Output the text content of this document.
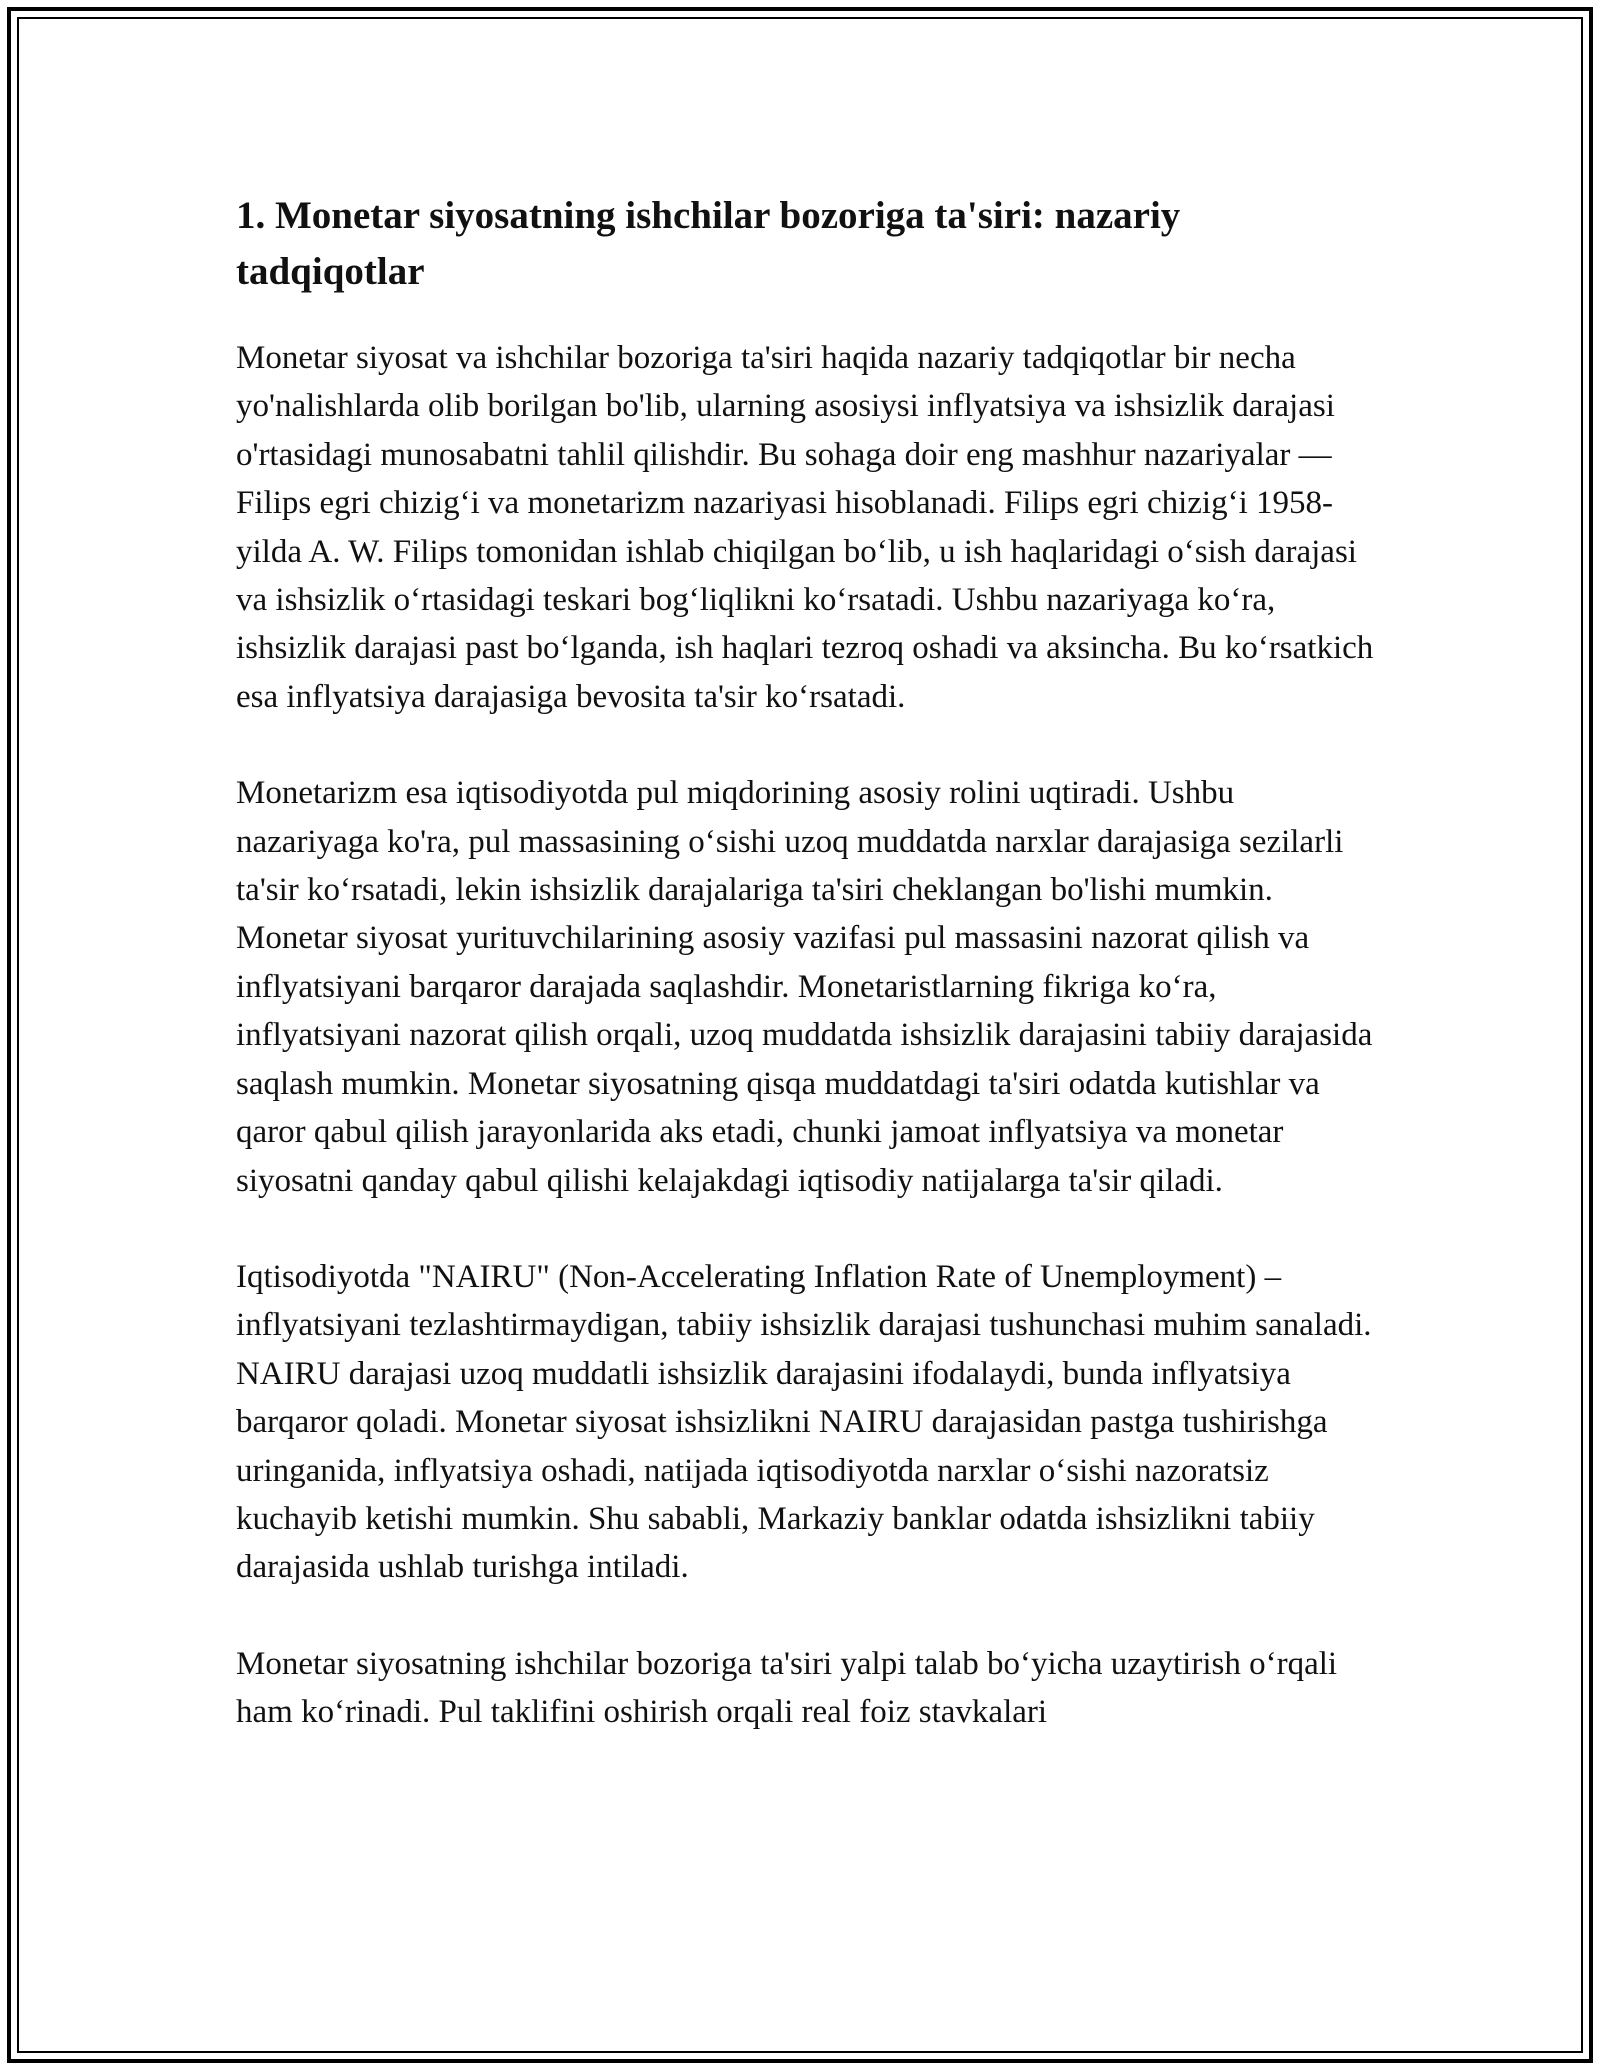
1. Monetar siyosatning ishchilar bozoriga ta'siri: nazariy tadqiqotlar

Monetar siyosat va ishchilar bozoriga ta'siri haqida nazariy tadqiqotlar bir necha yo'nalishlarda olib borilgan bo'lib, ularning asosiysi inflyatsiya va ishsizlik darajasi o'rtasidagi munosabatni tahlil qilishdir. Bu sohaga doir eng mashhur nazariyalar — Filips egri chizig‘i va monetarizm nazariyasi hisoblanadi. Filips egri chizig‘i 1958-yilda A. W. Filips tomonidan ishlab chiqilgan bo‘lib, u ish haqlaridagi o‘sish darajasi va ishsizlik o‘rtasidagi teskari bog‘liqlikni ko‘rsatadi. Ushbu nazariyaga ko‘ra, ishsizlik darajasi past bo‘lganda, ish haqlari tezroq oshadi va aksincha. Bu ko‘rsatkich esa inflyatsiya darajasiga bevosita ta'sir ko‘rsatadi.

Monetarizm esa iqtisodiyotda pul miqdorining asosiy rolini uqtiradi. Ushbu nazariyaga ko'ra, pul massasining o‘sishi uzoq muddatda narxlar darajasiga sezilarli ta'sir ko‘rsatadi, lekin ishsizlik darajalariga ta'siri cheklangan bo'lishi mumkin. Monetar siyosat yurituvchilarining asosiy vazifasi pul massasini nazorat qilish va inflyatsiyani barqaror darajada saqlashdir. Monetaristlarning fikriga ko‘ra, inflyatsiyani nazorat qilish orqali, uzoq muddatda ishsizlik darajasini tabiiy darajasida saqlash mumkin. Monetar siyosatning qisqa muddatdagi ta'siri odatda kutishlar va qaror qabul qilish jarayonlarida aks etadi, chunki jamoat inflyatsiya va monetar siyosatni qanday qabul qilishi kelajakdagi iqtisodiy natijalarga ta'sir qiladi.

Iqtisodiyotda "NAIRU" (Non-Accelerating Inflation Rate of Unemployment) – inflyatsiyani tezlashtirmaydigan, tabiiy ishsizlik darajasi tushunchasi muhim sanaladi. NAIRU darajasi uzoq muddatli ishsizlik darajasini ifodalaydi, bunda inflyatsiya barqaror qoladi. Monetar siyosat ishsizlikni NAIRU darajasidan pastga tushirishga uringanida, inflyatsiya oshadi, natijada iqtisodiyotda narxlar o‘sishi nazoratsiz kuchayib ketishi mumkin. Shu sababli, Markaziy banklar odatda ishsizlikni tabiiy darajasida ushlab turishga intiladi.

Monetar siyosatning ishchilar bozoriga ta'siri yalpi talab bo‘yicha uzaytirish o‘rqali ham ko‘rinadi. Pul taklifini oshirish orqali real foiz stavkalari
